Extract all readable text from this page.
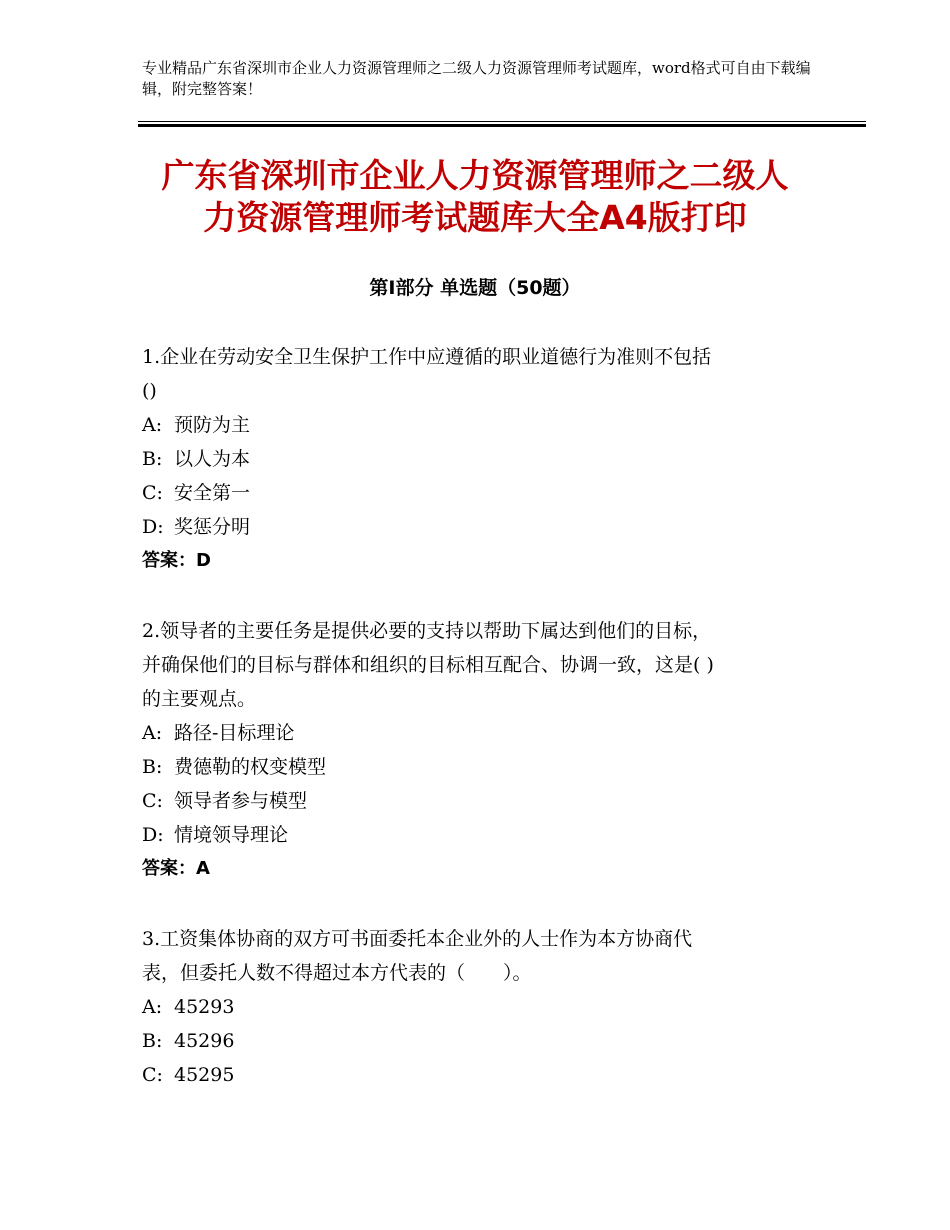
专业精品广东省深圳市企业人力资源管理师之二级人力资源管理师考试题库，word格式可自由下载编辑，附完整答案！
广东省深圳市企业人力资源管理师之二级人
力资源管理师考试题库大全A4版打印
第Ⅰ部分 单选题（50题）

1.企业在劳动安全卫生保护工作中应遵循的职业道德行为准则不包括

()

A: 预防为主

B: 以人为本

C: 安全第一

D: 奖惩分明

答案：D

2.领导者的主要任务是提供必要的支持以帮助下属达到他们的目标，

并确保他们的目标与群体和组织的目标相互配合、协调一致，这是( )

的主要观点。

A: 路径-目标理论

B: 费德勒的权变模型

C: 领导者参与模型

D: 情境领导理论

答案：A

3.工资集体协商的双方可书面委托本企业外的人士作为本方协商代

表，但委托人数不得超过本方代表的（　　）。

A: 45293

B: 45296

C: 45295
